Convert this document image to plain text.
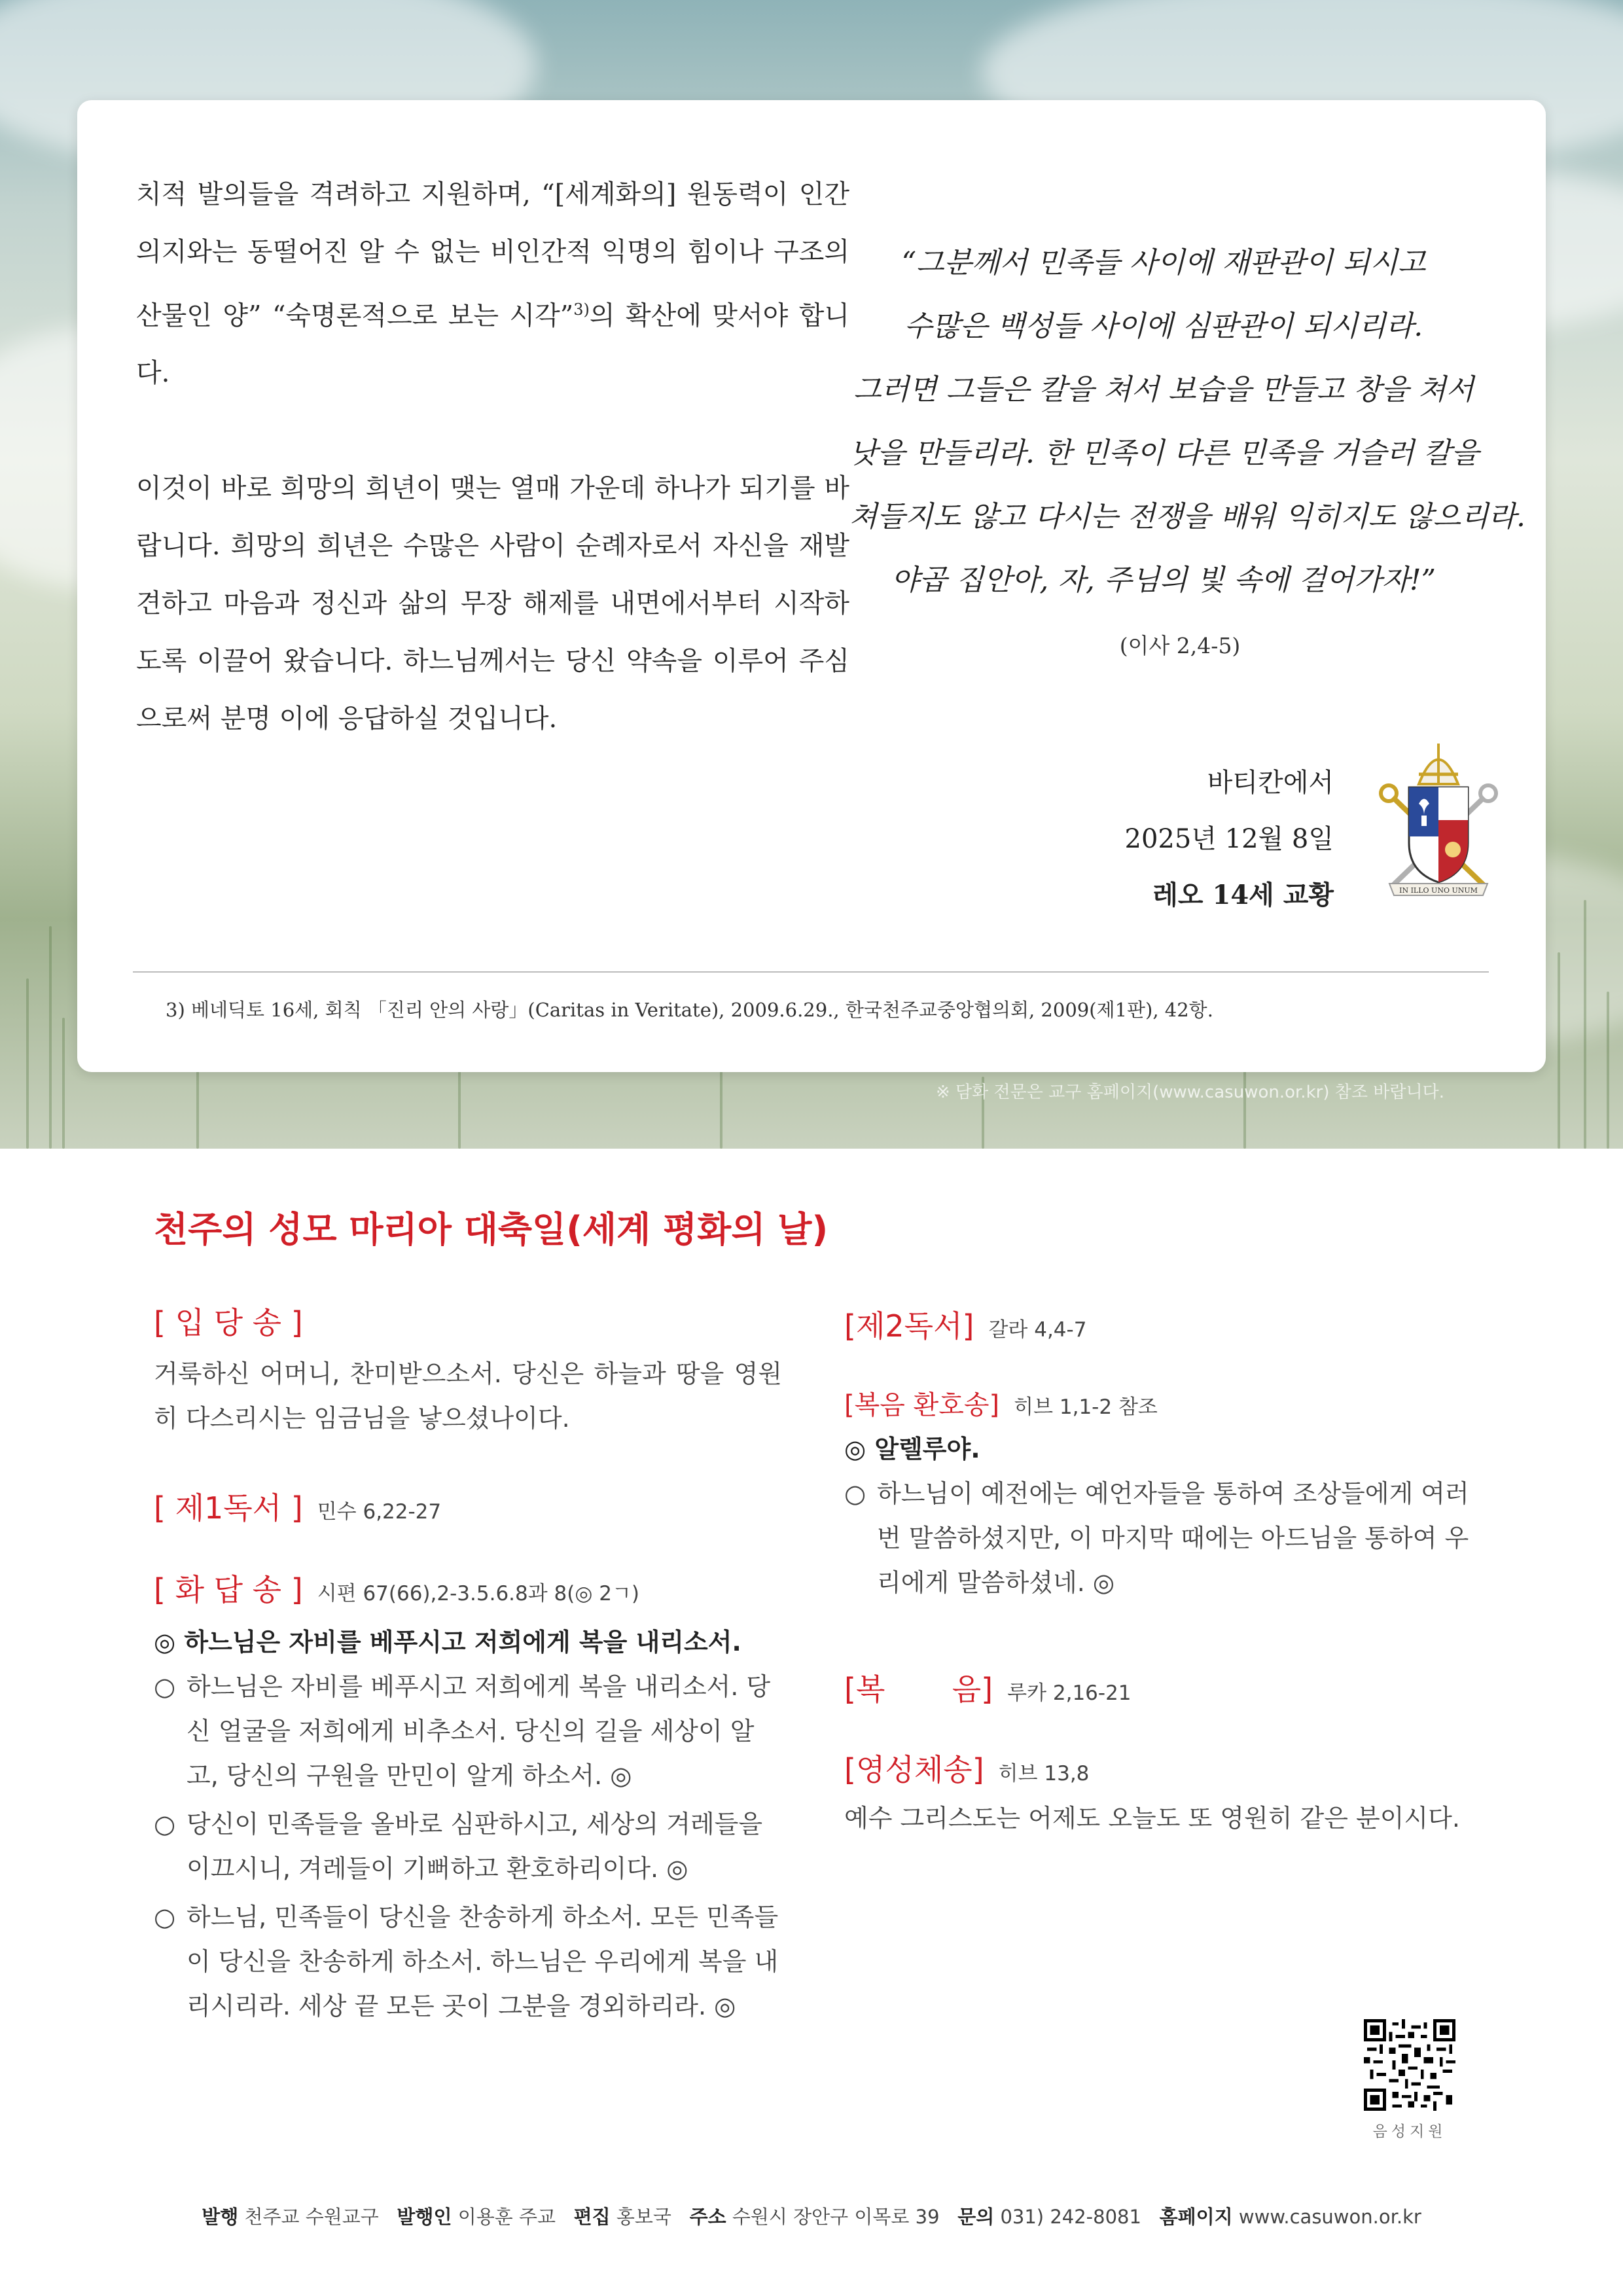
※ 담화 전문은 교구 홈페이지(www.casuwon.or.kr) 참조 바랍니다.

치적 발의들을 격려하고 지원하며, “[세계화의] 원동력이 인간 의지와는 동떨어진 알 수 없는 비인간적 익명의 힘이나 구조의 산물인 양” “숙명론적으로 보는 시각”$^{3)}$의 확산에 맞서야 합니다.

이것이 바로 희망의 희년이 맺는 열매 가운데 하나가 되기를 바랍니다. 희망의 희년은 수많은 사람이 순례자로서 자신을 재발견하고 마음과 정신과 삶의 무장 해제를 내면에서부터 시작하도록 이끌어 왔습니다. 하느님께서는 당신 약속을 이루어 주심으로써 분명 이에 응답하실 것입니다.

“그분께서 민족들 사이에 재판관이 되시고
수많은 백성들 사이에 심판관이 되시리라.
그러면 그들은 칼을 쳐서 보습을 만들고 창을 쳐서
낫을 만들리라. 한 민족이 다른 민족을 거슬러 칼을
쳐들지도 않고 다시는 전쟁을 배워 익히지도 않으리라.
야곱 집안아, 자, 주님의 빛 속에 걸어가자!”
(이사 2,4-5)
바티칸에서
2025년 12월 8일
레오 14세 교황	IN ILLO UNO UNUM
3) 베네딕토 16세, 회칙 「진리 안의 사랑」(Caritas in Veritate), 2009.6.29., 한국천주교중앙협의회, 2009(제1판), 42항.
천주의 성모 마리아 대축일(세계 평화의 날)
[ 입 당 송 ]
거룩하신 어머니, 찬미받으소서. 당신은 하늘과 땅을 영원히 다스리시는 임금님을 낳으셨나이다.
[ 제1독서 ] 민수 6,22-27
[ 화 답 송 ] 시편 67(66),2-3.5.6.8과 8(◎ 2ㄱ)
◎ 하느님은 자비를 베푸시고 저희에게 복을 내리소서.
○ 하느님은 자비를 베푸시고 저희에게 복을 내리소서. 당신 얼굴을 저희에게 비추소서. 당신의 길을 세상이 알고, 당신의 구원을 만민이 알게 하소서. ◎
○ 당신이 민족들을 올바로 심판하시고, 세상의 겨레들을 이끄시니, 겨레들이 기뻐하고 환호하리이다. ◎
○ 하느님, 민족들이 당신을 찬송하게 하소서. 모든 민족들이 당신을 찬송하게 하소서. 하느님은 우리에게 복을 내리시리라. 세상 끝 모든 곳이 그분을 경외하리라. ◎
[제2독서] 갈라 4,4-7
[복음 환호송] 히브 1,1-2 참조
◎ 알렐루야.
○ 하느님이 예전에는 예언자들을 통하여 조상들에게 여러 번 말씀하셨지만, 이 마지막 때에는 아드님을 통하여 우리에게 말씀하셨네. ◎
[복       음] 루카 2,16-21
[영성체송] 히브 13,8
예수 그리스도는 어제도 오늘도 또 영원히 같은 분이시다.
음성지원
발행 천주교 수원교구 발행인 이용훈 주교 편집 홍보국 주소 수원시 장안구 이목로 39 문의 031) 242-8081 홈페이지 www.casuwon.or.kr
